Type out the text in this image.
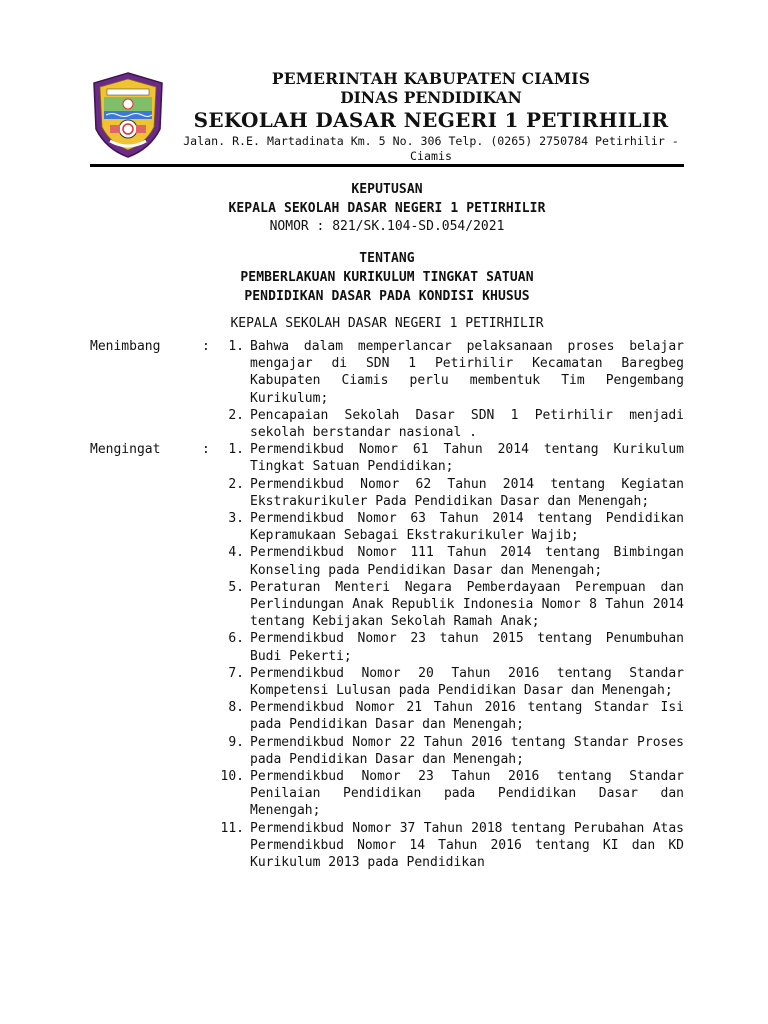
PEMERINTAH KABUPATEN CIAMIS
DINAS PENDIDIKAN
SEKOLAH DASAR NEGERI 1 PETIRHILIR
Jalan. R.E. Martadinata Km. 5 No. 306 Telp. (0265) 2750784 Petirhilir -Ciamis
KEPUTUSAN
KEPALA SEKOLAH DASAR NEGERI 1 PETIRHILIR
NOMOR : 821/SK.104-SD.054/2021
TENTANG
PEMBERLAKUAN KURIKULUM TINGKAT SATUAN
PENDIDIKAN DASAR PADA KONDISI KHUSUS
KEPALA SEKOLAH DASAR NEGERI 1 PETIRHILIR
Menimbang	:	1. Bahwa dalam memperlancar pelaksanaan proses belajar mengajar di SDN 1 Petirhilir Kecamatan Baregbeg Kabupaten Ciamis perlu membentuk Tim Pengembang Kurikulum;
2. Pencapaian Sekolah Dasar SDN 1 Petirhilir menjadi sekolah berstandar nasional .
Mengingat	:	1. Permendikbud Nomor 61 Tahun 2014 tentang Kurikulum Tingkat Satuan Pendidikan;
2. Permendikbud Nomor 62 Tahun 2014 tentang Kegiatan Ekstrakurikuler Pada Pendidikan Dasar dan Menengah;
3. Permendikbud Nomor 63 Tahun 2014 tentang Pendidikan Kepramukaan Sebagai Ekstrakurikuler Wajib;
4. Permendikbud Nomor 111 Tahun 2014 tentang Bimbingan Konseling pada Pendidikan Dasar dan Menengah;
5. Peraturan Menteri Negara Pemberdayaan Perempuan dan Perlindungan Anak Republik Indonesia Nomor 8 Tahun 2014 tentang Kebijakan Sekolah Ramah Anak;
6. Permendikbud Nomor 23 tahun 2015 tentang Penumbuhan Budi Pekerti;
7. Permendikbud Nomor 20 Tahun 2016 tentang Standar Kompetensi Lulusan pada Pendidikan Dasar dan Menengah;
8. Permendikbud Nomor 21 Tahun 2016 tentang Standar Isi pada Pendidikan Dasar dan Menengah;
9. Permendikbud Nomor 22 Tahun 2016 tentang Standar Proses pada Pendidikan Dasar dan Menengah;
10. Permendikbud Nomor 23 Tahun 2016 tentang Standar Penilaian Pendidikan pada Pendidikan Dasar dan Menengah;
11. Permendikbud Nomor 37 Tahun 2018 tentang Perubahan Atas Permendikbud Nomor 14 Tahun 2016 tentang KI dan KD Kurikulum 2013 pada Pendidikan
